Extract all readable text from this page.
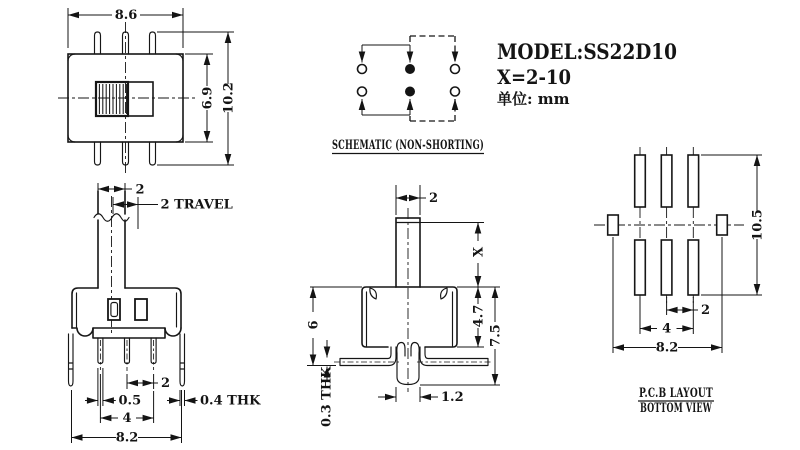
8.6
6.9 10.2
SCHEMATIC (NON-SHORTING)
MODEL:SS22D10
X=2-10
单位: mm
2
2 TRAVEL
2
0.5
4
8.2
0.4 THK
2
X
4.7
7.5
6
0.3 THK	1.2
10.5
2
4
8.2
P.C.B LAYOUT
BOTTOM VIEW
